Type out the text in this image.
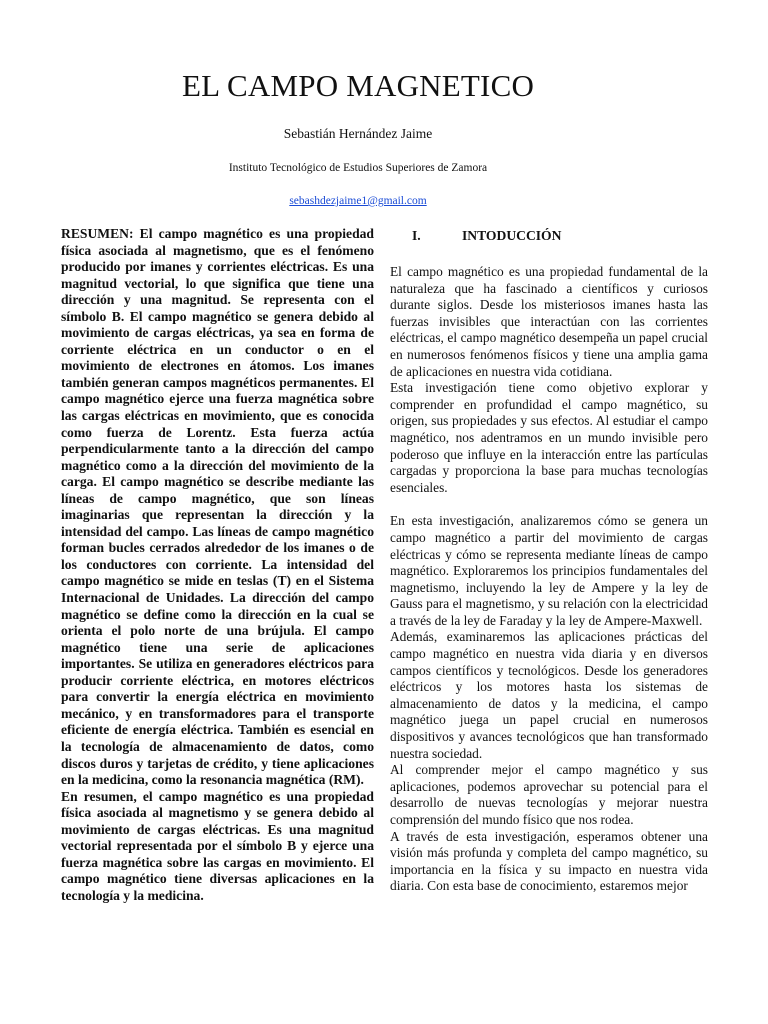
EL CAMPO MAGNETICO
Sebastián Hernández Jaime
Instituto Tecnológico de Estudios Superiores de Zamora
sebashdezjaime1@gmail.com

RESUMEN: El campo magnético es una propiedad física asociada al magnetismo, que es el fenómeno producido por imanes y corrientes eléctricas. Es una magnitud vectorial, lo que significa que tiene una dirección y una magnitud. Se representa con el símbolo B. El campo magnético se genera debido al movimiento de cargas eléctricas, ya sea en forma de corriente eléctrica en un conductor o en el movimiento de electrones en átomos. Los imanes también generan campos magnéticos permanentes. El campo magnético ejerce una fuerza magnética sobre las cargas eléctricas en movimiento, que es conocida como fuerza de Lorentz. Esta fuerza actúa perpendicularmente tanto a la dirección del campo magnético como a la dirección del movimiento de la carga. El campo magnético se describe mediante las líneas de campo magnético, que son líneas imaginarias que representan la dirección y la intensidad del campo. Las líneas de campo magnético forman bucles cerrados alrededor de los imanes o de los conductores con corriente. La intensidad del campo magnético se mide en teslas (T) en el Sistema Internacional de Unidades. La dirección del campo magnético se define como la dirección en la cual se orienta el polo norte de una brújula. El campo magnético tiene una serie de aplicaciones importantes. Se utiliza en generadores eléctricos para producir corriente eléctrica, en motores eléctricos para convertir la energía eléctrica en movimiento mecánico, y en transformadores para el transporte eficiente de energía eléctrica. También es esencial en la tecnología de almacenamiento de datos, como discos duros y tarjetas de crédito, y tiene aplicaciones en la medicina, como la resonancia magnética (RM).

En resumen, el campo magnético es una propiedad física asociada al magnetismo y se genera debido al movimiento de cargas eléctricas. Es una magnitud vectorial representada por el símbolo B y ejerce una fuerza magnética sobre las cargas en movimiento. El campo magnético tiene diversas aplicaciones en la tecnología y la medicina.

I.	INTODUCCIÓN

El campo magnético es una propiedad fundamental de la naturaleza que ha fascinado a científicos y curiosos durante siglos. Desde los misteriosos imanes hasta las fuerzas invisibles que interactúan con las corrientes eléctricas, el campo magnético desempeña un papel crucial en numerosos fenómenos físicos y tiene una amplia gama de aplicaciones en nuestra vida cotidiana.

Esta investigación tiene como objetivo explorar y comprender en profundidad el campo magnético, su origen, sus propiedades y sus efectos. Al estudiar el campo magnético, nos adentramos en un mundo invisible pero poderoso que influye en la interacción entre las partículas cargadas y proporciona la base para muchas tecnologías esenciales.

En esta investigación, analizaremos cómo se genera un campo magnético a partir del movimiento de cargas eléctricas y cómo se representa mediante líneas de campo magnético. Exploraremos los principios fundamentales del magnetismo, incluyendo la ley de Ampere y la ley de Gauss para el magnetismo, y su relación con la electricidad a través de la ley de Faraday y la ley de Ampere-Maxwell.

Además, examinaremos las aplicaciones prácticas del campo magnético en nuestra vida diaria y en diversos campos científicos y tecnológicos. Desde los generadores eléctricos y los motores hasta los sistemas de almacenamiento de datos y la medicina, el campo magnético juega un papel crucial en numerosos dispositivos y avances tecnológicos que han transformado nuestra sociedad.

Al comprender mejor el campo magnético y sus aplicaciones, podemos aprovechar su potencial para el desarrollo de nuevas tecnologías y mejorar nuestra comprensión del mundo físico que nos rodea.

A través de esta investigación, esperamos obtener una visión más profunda y completa del campo magnético, su importancia en la física y su impacto en nuestra vida diaria. Con esta base de conocimiento, estaremos mejor
